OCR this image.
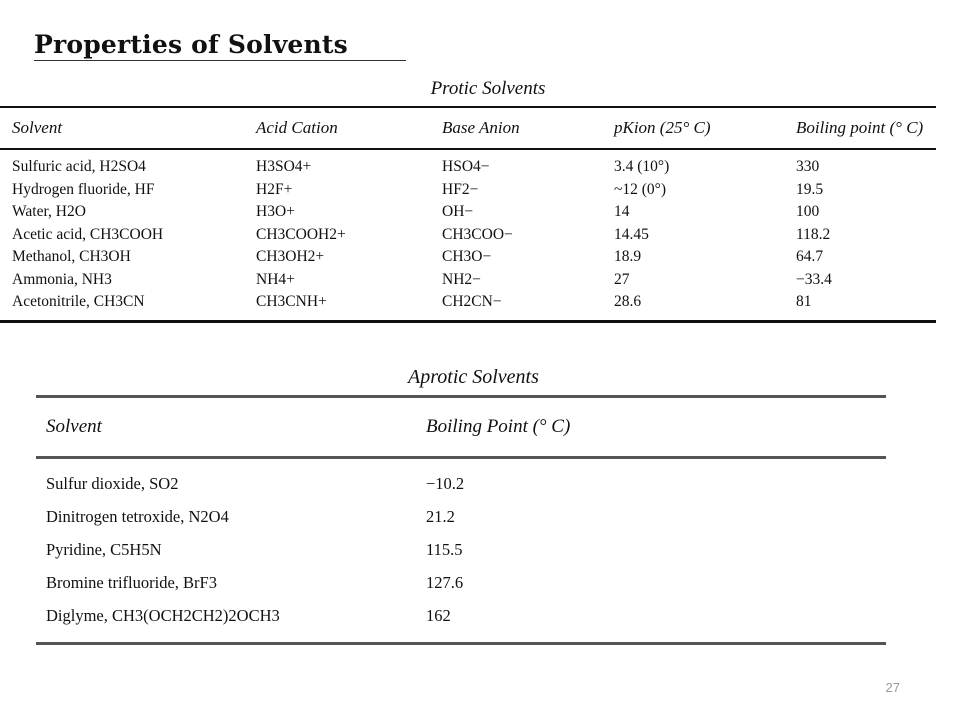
Properties of Solvents
Protic Solvents
Solvent	Acid Cation	Base Anion	pKion (25° C)	Boiling point (° C)
Sulfuric acid, H2SO4	H3SO4+	HSO4−	3.4 (10°)	330
Hydrogen fluoride, HF	H2F+	HF2−	~12 (0°)	19.5
Water, H2O	H3O+	OH−	14	100
Acetic acid, CH3COOH	CH3COOH2+	CH3COO−	14.45	118.2
Methanol, CH3OH	CH3OH2+	CH3O−	18.9	64.7
Ammonia, NH3	NH4+	NH2−	27	−33.4
Acetonitrile, CH3CN	CH3CNH+	CH2CN−	28.6	81
Aprotic Solvents
Solvent	Boiling Point (° C)
Sulfur dioxide, SO2	−10.2
Dinitrogen tetroxide, N2O4	21.2
Pyridine, C5H5N	115.5
Bromine trifluoride, BrF3	127.6
Diglyme, CH3(OCH2CH2)2OCH3	162
27
